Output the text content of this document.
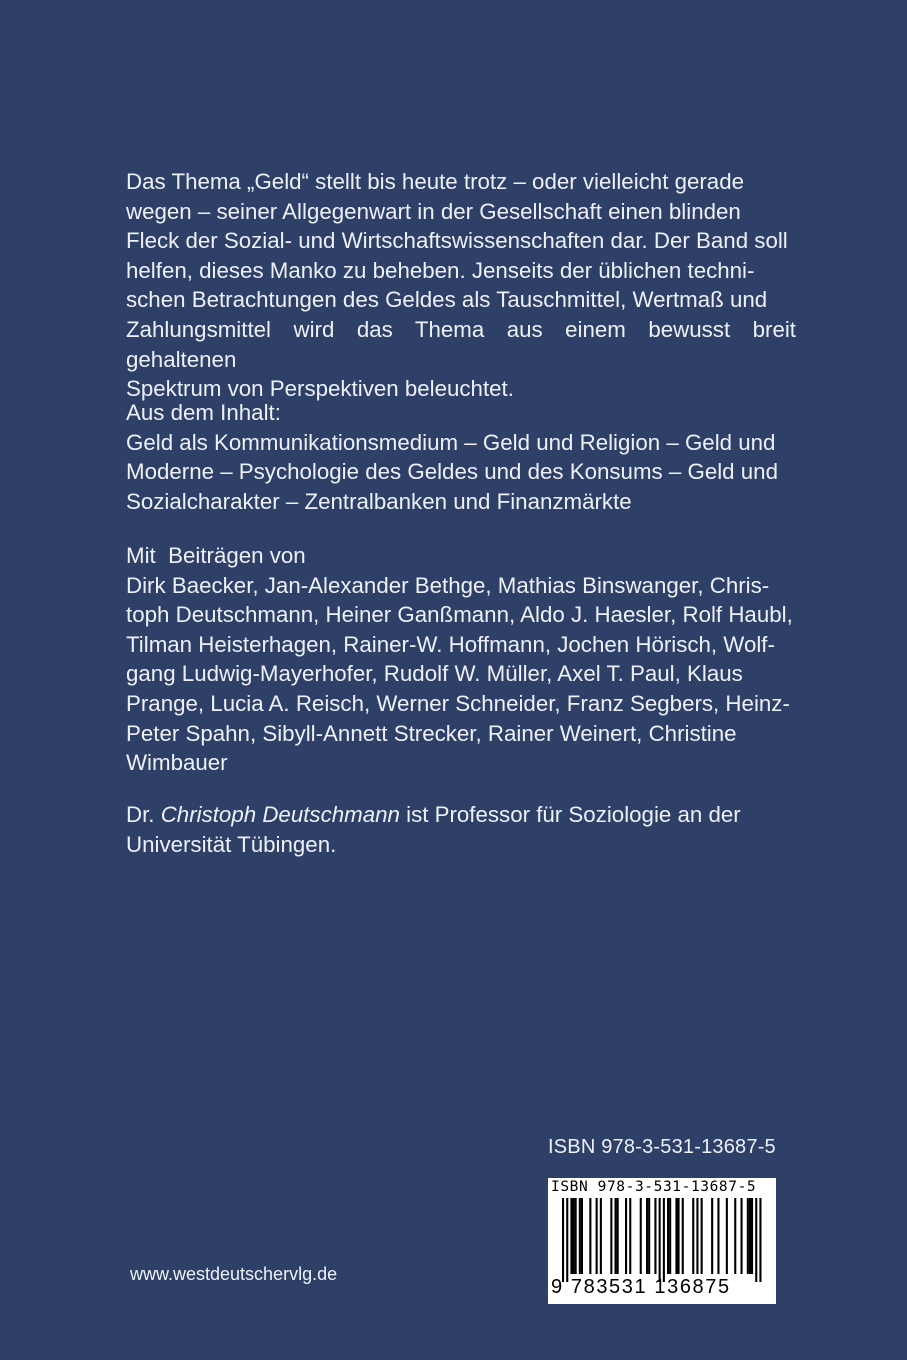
Das Thema „Geld“ stellt bis heute trotz – oder vielleicht gerade

wegen – seiner Allgegenwart in der Gesellschaft einen blinden

Fleck der Sozial- und Wirtschaftswissenschaften dar. Der Band soll

helfen, dieses Manko zu beheben. Jenseits der üblichen techni-

schen Betrachtungen des Geldes als Tauschmittel, Wertmaß und

Zahlungsmittel wird das Thema aus einem bewusst breit gehaltenen

Spektrum von Perspektiven beleuchtet.

Aus dem Inhalt:

Geld als Kommunikationsmedium – Geld und Religion – Geld und

Moderne – Psychologie des Geldes und des Konsums – Geld und

Sozialcharakter – Zentralbanken und Finanzmärkte

Mit  Beiträgen von

Dirk Baecker, Jan-Alexander Bethge, Mathias Binswanger, Chris-

toph Deutschmann, Heiner Ganßmann, Aldo J. Haesler, Rolf Haubl,

Tilman Heisterhagen, Rainer-W. Hoffmann, Jochen Hörisch, Wolf-

gang Ludwig-Mayerhofer, Rudolf W. Müller, Axel T. Paul, Klaus

Prange, Lucia A. Reisch, Werner Schneider, Franz Segbers, Heinz-

Peter Spahn, Sibyll-Annett Strecker, Rainer Weinert, Christine

Wimbauer

Dr. Christoph Deutschmann ist Professor für Soziologie an der

Universität Tübingen.

ISBN 978-3-531-13687-5
ISBN 978-3-531-13687-5
9 783531 136875
www.westdeutschervlg.de
